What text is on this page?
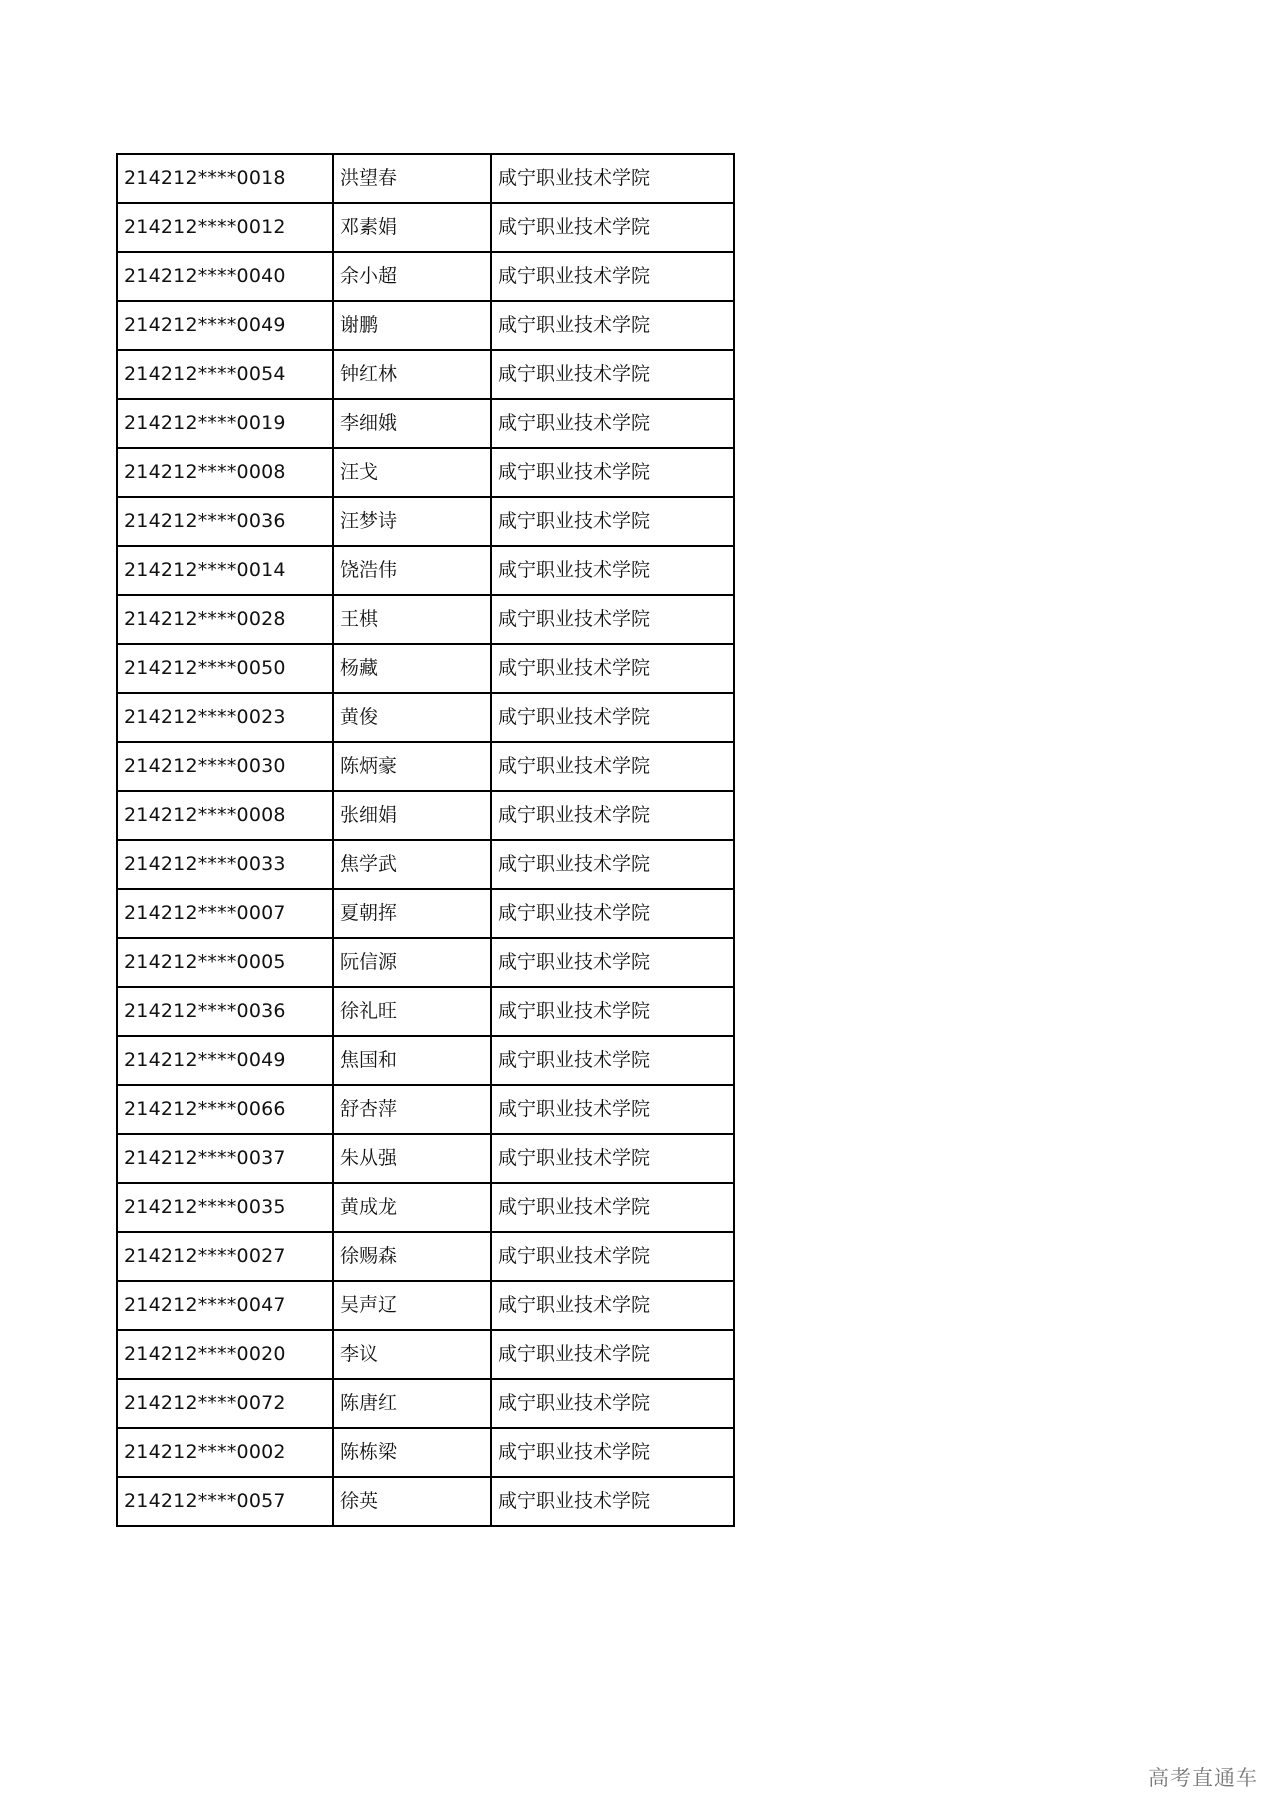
214212****0018	洪望春	咸宁职业技术学院
214212****0012	邓素娟	咸宁职业技术学院
214212****0040	余小超	咸宁职业技术学院
214212****0049	谢鹏	咸宁职业技术学院
214212****0054	钟红林	咸宁职业技术学院
214212****0019	李细娥	咸宁职业技术学院
214212****0008	汪戈	咸宁职业技术学院
214212****0036	汪梦诗	咸宁职业技术学院
214212****0014	饶浩伟	咸宁职业技术学院
214212****0028	王棋	咸宁职业技术学院
214212****0050	杨藏	咸宁职业技术学院
214212****0023	黄俊	咸宁职业技术学院
214212****0030	陈炳豪	咸宁职业技术学院
214212****0008	张细娟	咸宁职业技术学院
214212****0033	焦学武	咸宁职业技术学院
214212****0007	夏朝挥	咸宁职业技术学院
214212****0005	阮信源	咸宁职业技术学院
214212****0036	徐礼旺	咸宁职业技术学院
214212****0049	焦国和	咸宁职业技术学院
214212****0066	舒杏萍	咸宁职业技术学院
214212****0037	朱从强	咸宁职业技术学院
214212****0035	黄成龙	咸宁职业技术学院
214212****0027	徐赐森	咸宁职业技术学院
214212****0047	吴声辽	咸宁职业技术学院
214212****0020	李议	咸宁职业技术学院
214212****0072	陈唐红	咸宁职业技术学院
214212****0002	陈栋梁	咸宁职业技术学院
214212****0057	徐英	咸宁职业技术学院
高考直通车
